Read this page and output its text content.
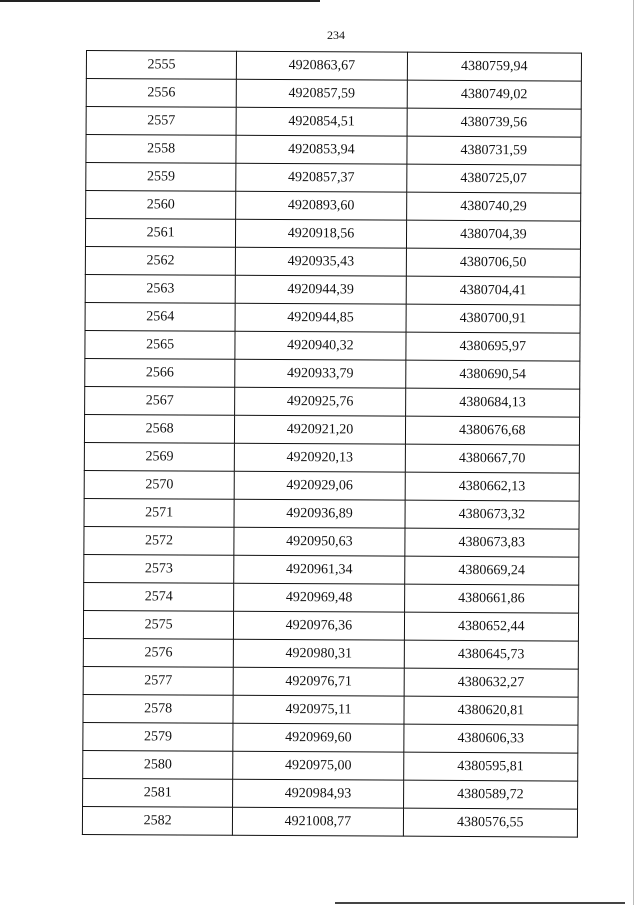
234
2555	4920863,67	4380759,94
2556	4920857,59	4380749,02
2557	4920854,51	4380739,56
2558	4920853,94	4380731,59
2559	4920857,37	4380725,07
2560	4920893,60	4380740,29
2561	4920918,56	4380704,39
2562	4920935,43	4380706,50
2563	4920944,39	4380704,41
2564	4920944,85	4380700,91
2565	4920940,32	4380695,97
2566	4920933,79	4380690,54
2567	4920925,76	4380684,13
2568	4920921,20	4380676,68
2569	4920920,13	4380667,70
2570	4920929,06	4380662,13
2571	4920936,89	4380673,32
2572	4920950,63	4380673,83
2573	4920961,34	4380669,24
2574	4920969,48	4380661,86
2575	4920976,36	4380652,44
2576	4920980,31	4380645,73
2577	4920976,71	4380632,27
2578	4920975,11	4380620,81
2579	4920969,60	4380606,33
2580	4920975,00	4380595,81
2581	4920984,93	4380589,72
2582	4921008,77	4380576,55
